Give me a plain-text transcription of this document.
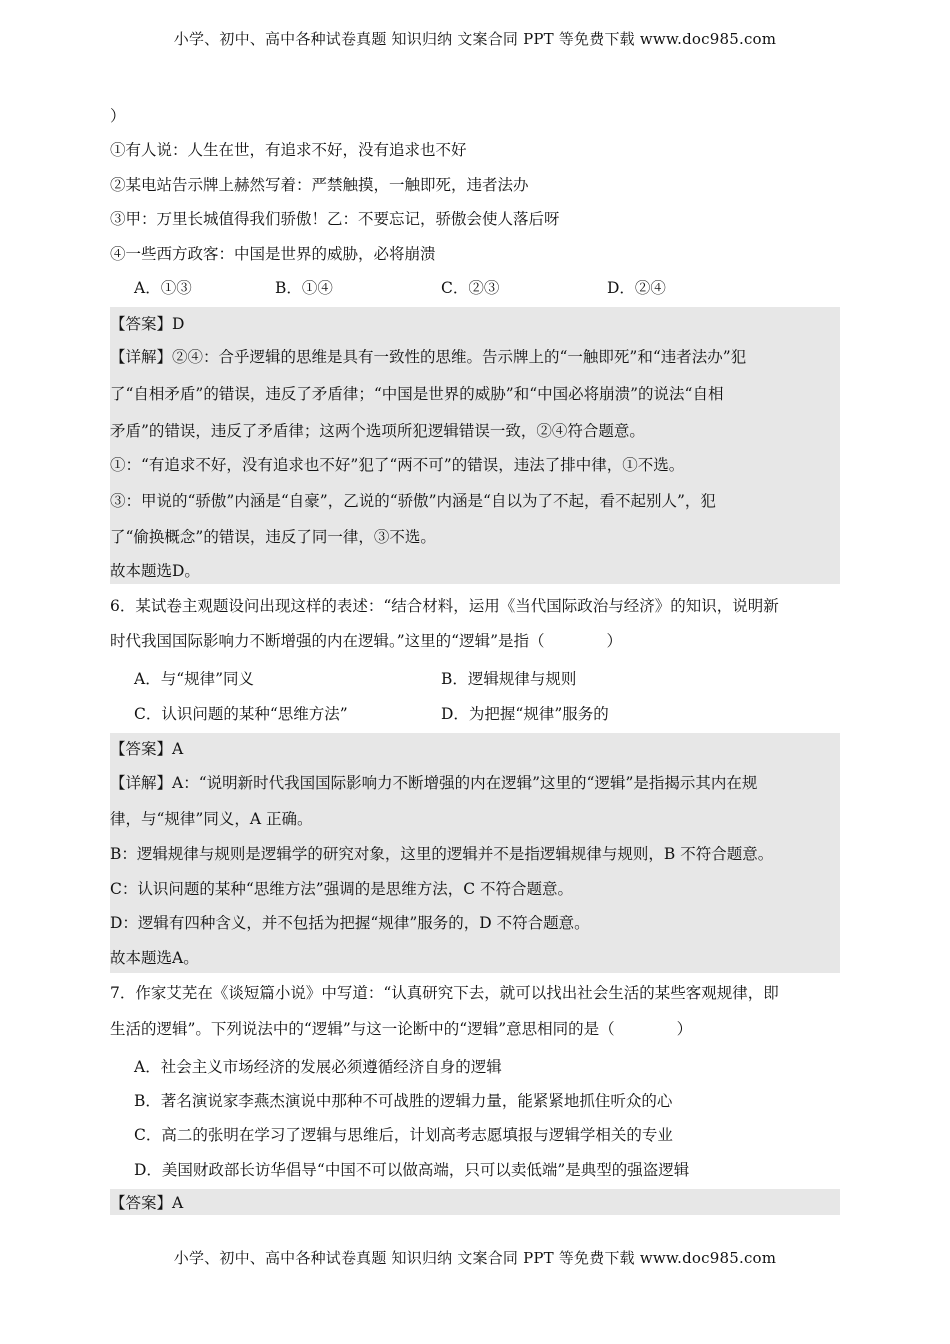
小学、初中、高中各种试卷真题 知识归纳 文案合同 PPT 等免费下载 www.doc985.com
）
①有人说：人生在世，有追求不好，没有追求也不好
②某电站告示牌上赫然写着：严禁触摸，一触即死，违者法办
③甲：万里长城值得我们骄傲！乙：不要忘记，骄傲会使人落后呀
④一些西方政客：中国是世界的威胁，必将崩溃
A．①③	B．①④	C．②③	D．②④
【答案】D
【详解】②④：合乎逻辑的思维是具有一致性的思维。告示牌上的“一触即死”和“违者法办”犯
了“自相矛盾”的错误，违反了矛盾律；“中国是世界的威胁”和“中国必将崩溃”的说法“自相
矛盾”的错误，违反了矛盾律；这两个选项所犯逻辑错误一致，②④符合题意。
①：“有追求不好，没有追求也不好”犯了“两不可”的错误，违法了排中律，①不选。
③：甲说的“骄傲”内涵是“自豪”，乙说的“骄傲”内涵是“自以为了不起，看不起别人”，犯
了“偷换概念”的错误，违反了同一律，③不选。
故本题选D。
6．某试卷主观题设问出现这样的表述：“结合材料，运用《当代国际政治与经济》的知识，说明新
时代我国国际影响力不断增强的内在逻辑。”这里的“逻辑”是指（　　　　）
A．与“规律”同义	B．逻辑规律与规则
C．认识问题的某种“思维方法”	D．为把握“规律”服务的
【答案】A
【详解】A：“说明新时代我国国际影响力不断增强的内在逻辑”这里的“逻辑”是指揭示其内在规
律，与“规律”同义，A 正确。
B：逻辑规律与规则是逻辑学的研究对象，这里的逻辑并不是指逻辑规律与规则，B 不符合题意。
C：认识问题的某种“思维方法”强调的是思维方法，C 不符合题意。
D：逻辑有四种含义，并不包括为把握“规律”服务的，D 不符合题意。
故本题选A。
7．作家艾芜在《谈短篇小说》中写道：“认真研究下去，就可以找出社会生活的某些客观规律，即
生活的逻辑”。下列说法中的“逻辑”与这一论断中的“逻辑”意思相同的是（　　　　）
A．社会主义市场经济的发展必须遵循经济自身的逻辑
B．著名演说家李燕杰演说中那种不可战胜的逻辑力量，能紧紧地抓住听众的心
C．高二的张明在学习了逻辑与思维后，计划高考志愿填报与逻辑学相关的专业
D．美国财政部长访华倡导“中国不可以做高端，只可以卖低端”是典型的强盗逻辑
【答案】A
小学、初中、高中各种试卷真题 知识归纳 文案合同 PPT 等免费下载 www.doc985.com
